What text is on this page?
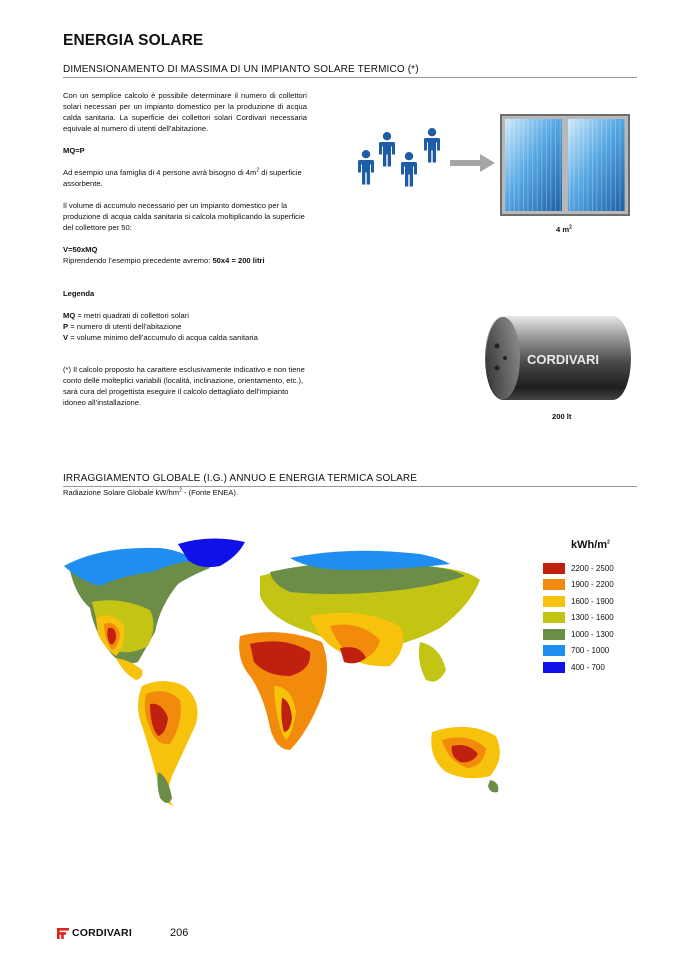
ENERGIA SOLARE
DIMENSIONAMENTO DI MASSIMA DI UN IMPIANTO SOLARE TERMICO (*)

Con un semplice calcolo è possibile determinare il numero di collettori solari necessari per un impianto domestico per la produzione di acqua calda sanitaria. La superficie dei collettori solari Cordivari necessaria equivale al numero di utenti dell’abitazione.

MQ=P

Ad esempio una famiglia di 4 persone avrà bisogno di $4m^2$ di superficie assorbente.

Il volume di accumulo necessario per un impianto domestico per la produzione di acqua calda sanitaria si calcola moltiplicando la superficie del collettore per 50:

V=50xMQ
Riprendendo l’esempio precedente avremo: 50x4 = 200 litri

Legenda

MQ = metri quadrati di collettori solari
P = numero di utenti dell’abitazione
V = volume minimo dell’accumulo di acqua calda sanitaria

(*) Il calcolo proposto ha carattere esclusivamente indicativo e non tiene conto delle molteplici variabili (località, inclinazione, orientamento, etc.), sarà cura del progettista eseguire il calcolo dettagliato dell’impianto idoneo all’installazione.

4 $m^2$
CORDIVARI
200 lt
IRRAGGIAMENTO GLOBALE (I.G.) ANNUO E ENERGIA TERMICA SOLARE
Radiazione Solare Globale $kW/hm^2$ - (Fonte ENEA).
kWh/$m^2$
2200 - 2500
1900 - 2200
1600 - 1900
1300 - 1600
1000 - 1300
700 - 1000
400 - 700
CORDIVARI	206
